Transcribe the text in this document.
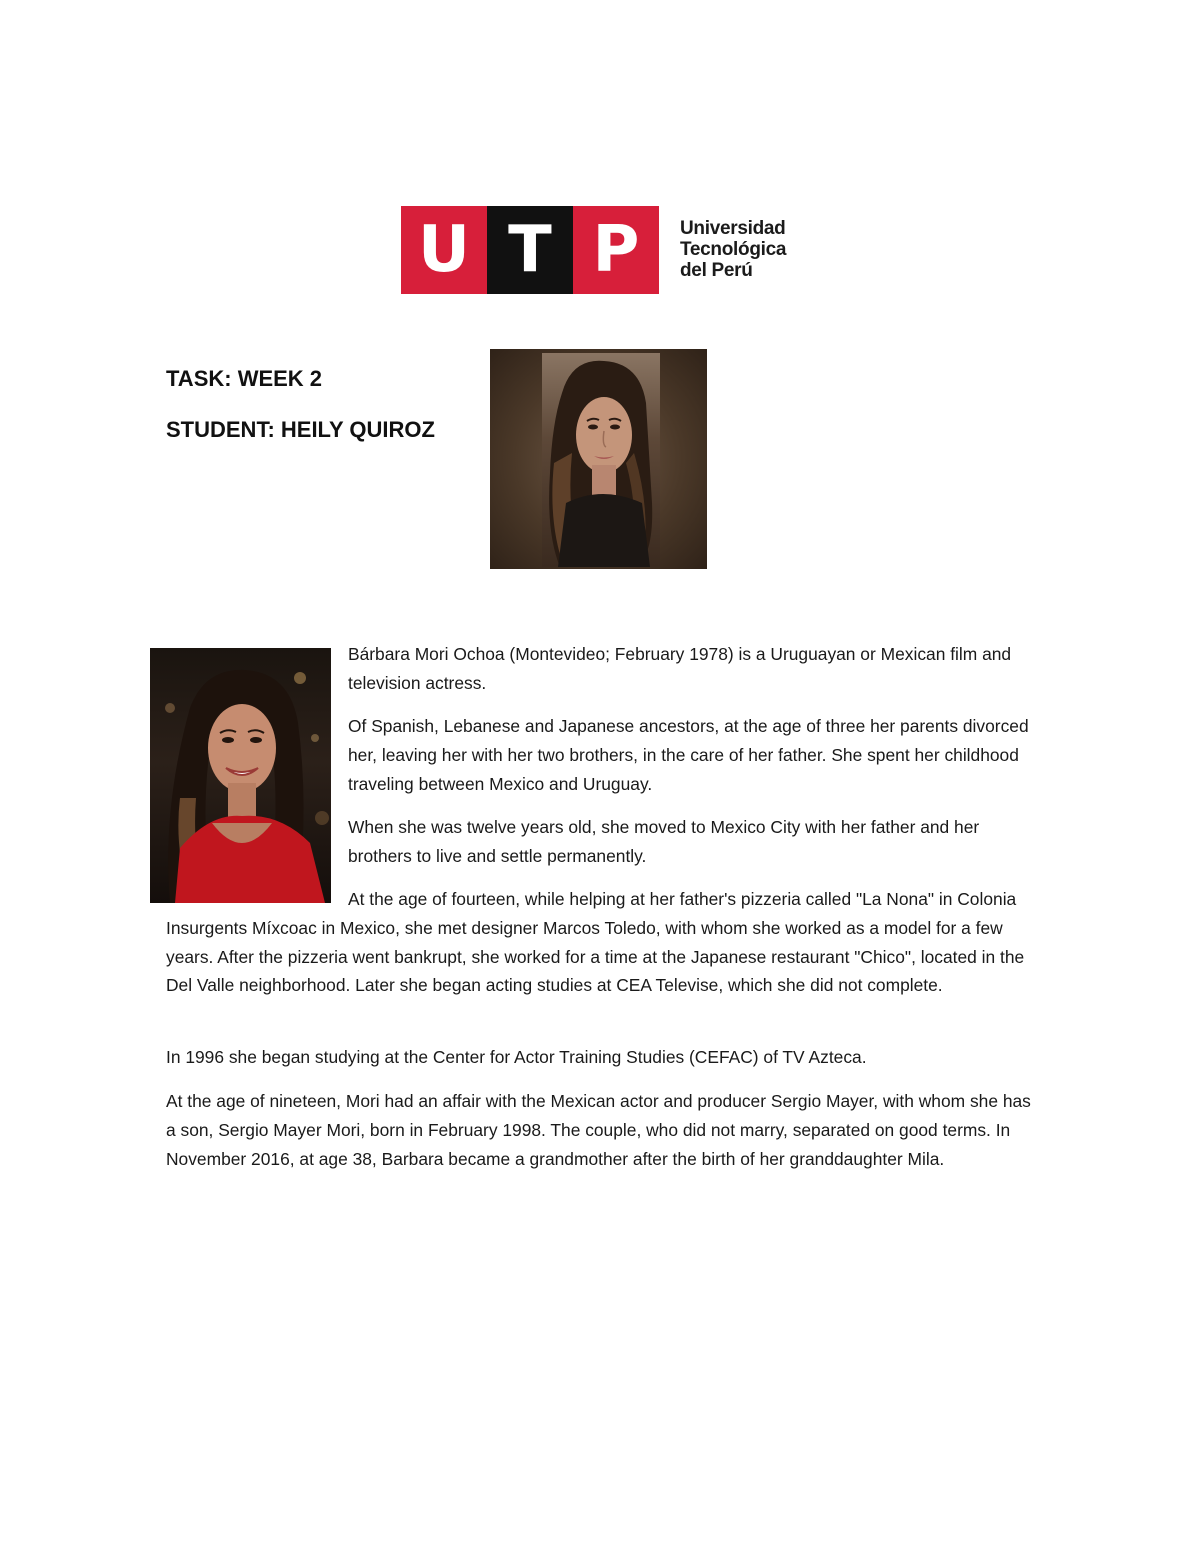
U T P	Universidad
Tecnológica
del Perú
TASK: WEEK 2
STUDENT: HEILY QUIROZ

Bárbara Mori Ochoa (Montevideo; February 1978) is a Uruguayan or Mexican film and television actress.

Of Spanish, Lebanese and Japanese ancestors, at the age of three her parents divorced her, leaving her with her two brothers, in the care of her father. She spent her childhood traveling between Mexico and Uruguay.

When she was twelve years old, she moved to Mexico City with her father and her brothers to live and settle permanently.

At the age of fourteen, while helping at her father's pizzeria called "La Nona" in Colonia Insurgents Míxcoac in Mexico, she met designer Marcos Toledo, with whom she worked as a model for a few years. After the pizzeria went bankrupt, she worked for a time at the Japanese restaurant "Chico", located in the Del Valle neighborhood. Later she began acting studies at CEA Televise, which she did not complete.

In 1996 she began studying at the Center for Actor Training Studies (CEFAC) of TV Azteca.

At the age of nineteen, Mori had an affair with the Mexican actor and producer Sergio Mayer, with whom she has a son, Sergio Mayer Mori, born in February 1998. The couple, who did not marry, separated on good terms. In November 2016, at age 38, Barbara became a grandmother after the birth of her granddaughter Mila.
